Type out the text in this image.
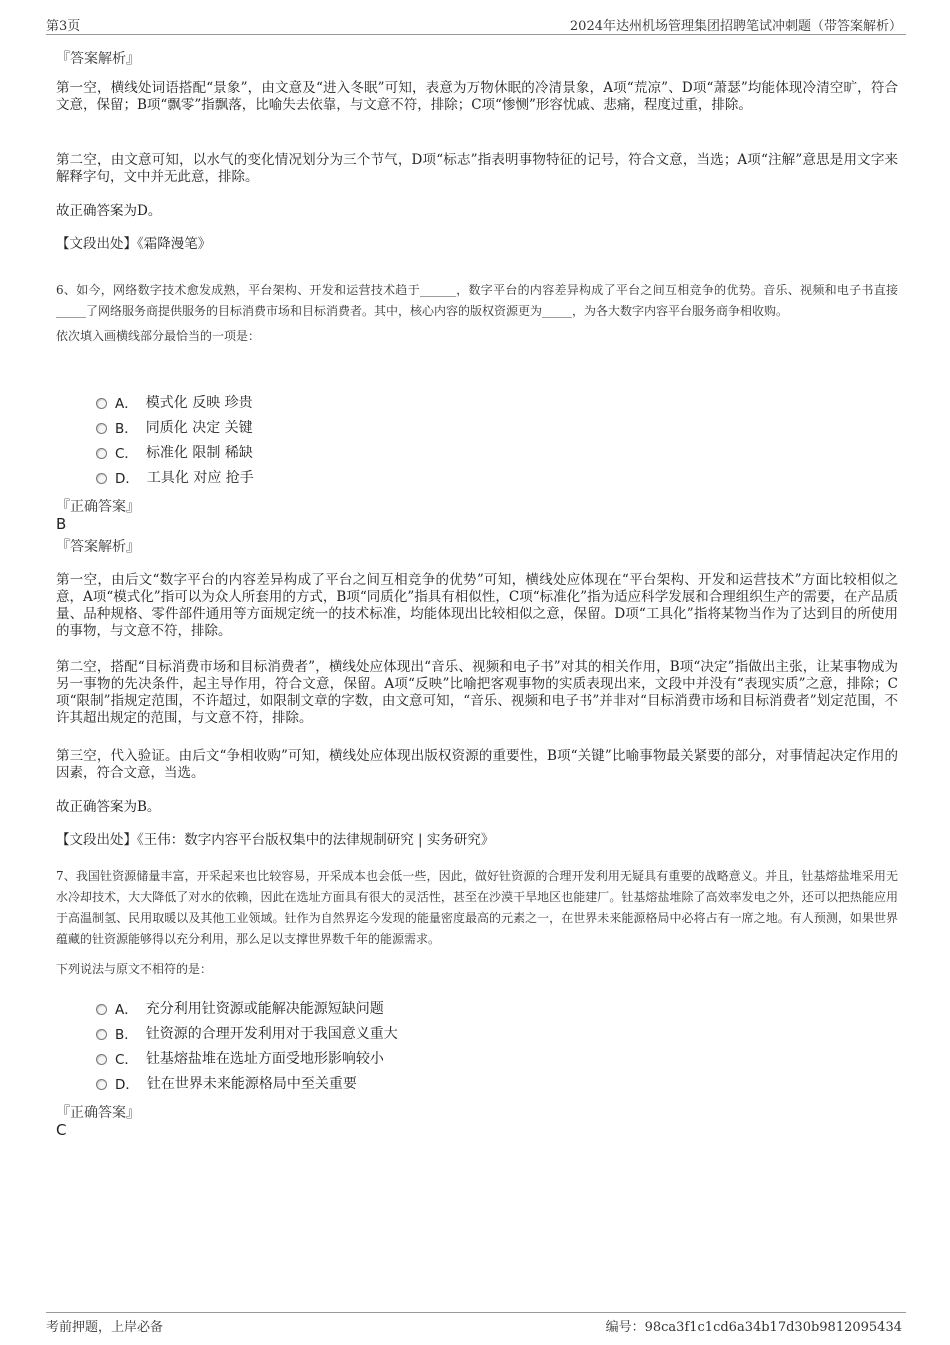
第3页	2024年达州机场管理集团招聘笔试冲刺题（带答案解析）
『答案解析』

第一空，横线处词语搭配“景象”，由文意及“进入冬眠”可知，表意为万物休眠的冷清景象，A项“荒凉”、D项“萧瑟”均能体现冷清空旷，符合文意，保留；B项“飘零”指飘落，比喻失去依靠，与文意不符，排除；C项“惨恻”形容忧戚、悲痛，程度过重，排除。

第二空，由文意可知，以水气的变化情况划分为三个节气，D项“标志”指表明事物特征的记号，符合文意，当选；A项“注解”意思是用文字来解释字句，文中并无此意，排除。

故正确答案为D。

【文段出处】《霜降漫笔》

6、如今，网络数字技术愈发成熟，平台架构、开发和运营技术趋于______，数字平台的内容差异构成了平台之间互相竞争的优势。音乐、视频和电子书直接_____了网络服务商提供服务的目标消费市场和目标消费者。其中，核心内容的版权资源更为_____，为各大数字内容平台服务商争相收购。

依次填入画横线部分最恰当的一项是：

A． 模式化 反映 珍贵
B． 同质化 决定 关键
C． 标准化 限制 稀缺
D． 工具化 对应 抢手
『正确答案』
B
『答案解析』

第一空，由后文“数字平台的内容差异构成了平台之间互相竞争的优势”可知，横线处应体现在“平台架构、开发和运营技术”方面比较相似之意，A项“模式化”指可以为众人所套用的方式，B项“同质化”指具有相似性，C项“标准化”指为适应科学发展和合理组织生产的需要，在产品质量、品种规格、零件部件通用等方面规定统一的技术标准，均能体现出比较相似之意，保留。D项“工具化”指将某物当作为了达到目的所使用的事物，与文意不符，排除。

第二空，搭配“目标消费市场和目标消费者”，横线处应体现出“音乐、视频和电子书”对其的相关作用，B项“决定”指做出主张，让某事物成为另一事物的先决条件，起主导作用，符合文意，保留。A项“反映”比喻把客观事物的实质表现出来，文段中并没有“表现实质”之意，排除；C项“限制”指规定范围，不许超过，如限制文章的字数，由文意可知，“音乐、视频和电子书”并非对“目标消费市场和目标消费者”划定范围，不许其超出规定的范围，与文意不符，排除。

第三空，代入验证。由后文“争相收购”可知，横线处应体现出版权资源的重要性，B项“关键”比喻事物最关紧要的部分，对事情起决定作用的因素，符合文意，当选。

故正确答案为B。

【文段出处】《王伟：数字内容平台版权集中的法律规制研究 | 实务研究》

7、我国钍资源储量丰富，开采起来也比较容易，开采成本也会低一些，因此，做好钍资源的合理开发利用无疑具有重要的战略意义。并且，钍基熔盐堆采用无水冷却技术，大大降低了对水的依赖，因此在选址方面具有很大的灵活性，甚至在沙漠干旱地区也能建厂。钍基熔盐堆除了高效率发电之外，还可以把热能应用于高温制氢、民用取暖以及其他工业领域。钍作为自然界迄今发现的能量密度最高的元素之一，在世界未来能源格局中必将占有一席之地。有人预测，如果世界蕴藏的钍资源能够得以充分利用，那么足以支撑世界数千年的能源需求。

下列说法与原文不相符的是：

A． 充分利用钍资源或能解决能源短缺问题
B． 钍资源的合理开发利用对于我国意义重大
C． 钍基熔盐堆在选址方面受地形影响较小
D． 钍在世界未来能源格局中至关重要
『正确答案』
C
考前押题，上岸必备	编号：98ca3f1c1cd6a34b17d30b9812095434
